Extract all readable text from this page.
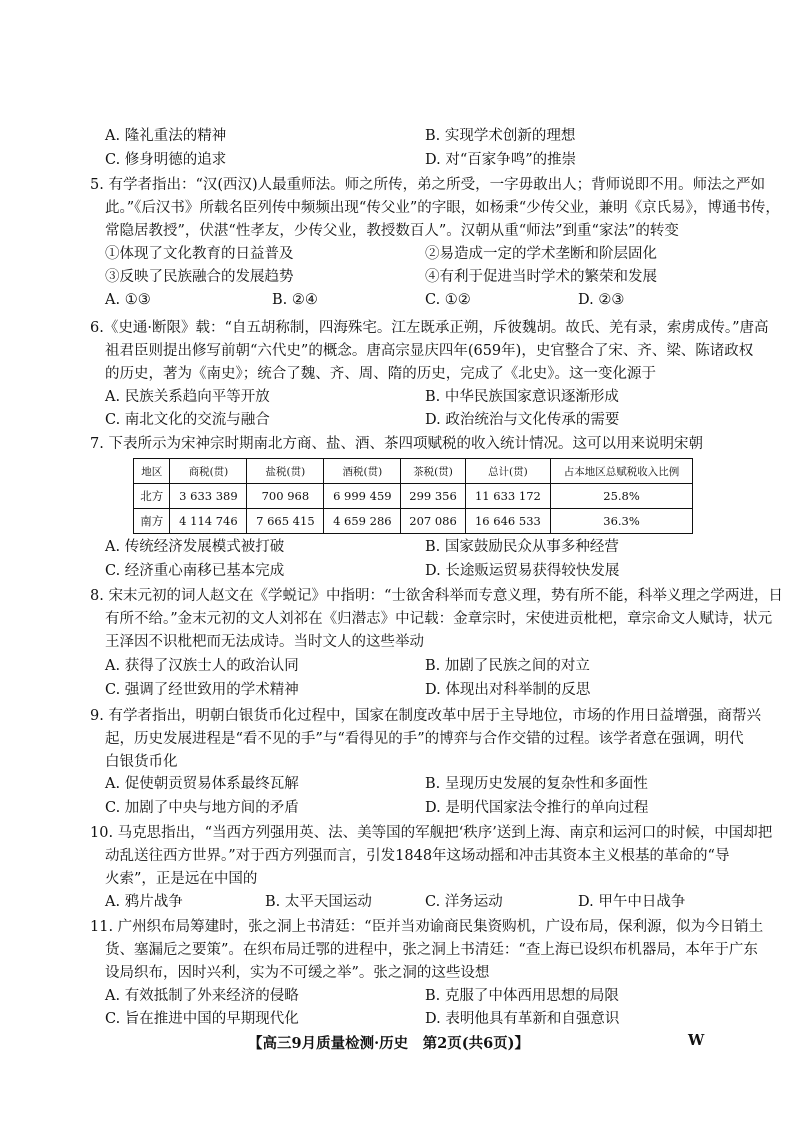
A. 隆礼重法的精神	B. 实现学术创新的理想
C. 修身明德的追求	D. 对“百家争鸣”的推崇
5. 有学者指出：“汉(西汉)人最重师法。师之所传，弟之所受，一字毋敢出人；背师说即不用。师法之严如
此。”《后汉书》所载名臣列传中频频出现“传父业”的字眼，如杨秉“少传父业，兼明《京氏易》，博通书传，
常隐居教授”，伏湛“性孝友，少传父业，教授数百人”。汉朝从重“师法”到重“家法”的转变
①体现了文化教育的日益普及	②易造成一定的学术垄断和阶层固化
③反映了民族融合的发展趋势	④有利于促进当时学术的繁荣和发展
A. ①③	B. ②④	C. ①②	D. ②③
6.《史通·断限》载：“自五胡称制，四海殊宅。江左既承正朔，斥彼魏胡。故氏、羌有录，索虏成传。”唐高
祖君臣则提出修写前朝“六代史”的概念。唐高宗显庆四年(659年)，史官整合了宋、齐、梁、陈诸政权
的历史，著为《南史》；统合了魏、齐、周、隋的历史，完成了《北史》。这一变化源于
A. 民族关系趋向平等开放	B. 中华民族国家意识逐渐形成
C. 南北文化的交流与融合	D. 政治统治与文化传承的需要
7. 下表所示为宋神宗时期南北方商、盐、酒、茶四项赋税的收入统计情况。这可以用来说明宋朝
地区	商税(贯)	盐税(贯)	酒税(贯)	茶税(贯)	总计(贯)	占本地区总赋税收入比例
北方	3 633 389	700 968	6 999 459	299 356	11 633 172	25.8%
南方	4 114 746	7 665 415	4 659 286	207 086	16 646 533	36.3%
A. 传统经济发展模式被打破	B. 国家鼓励民众从事多种经营
C. 经济重心南移已基本完成	D. 长途贩运贸易获得较快发展
8. 宋末元初的词人赵文在《学蜕记》中指明：“士欲舍科举而专意义理，势有所不能，科举义理之学两进，日
有所不给。”金末元初的文人刘祁在《归潜志》中记载：金章宗时，宋使进贡枇杷，章宗命文人赋诗，状元
王泽因不识枇杷而无法成诗。当时文人的这些举动
A. 获得了汉族士人的政治认同	B. 加剧了民族之间的对立
C. 强调了经世致用的学术精神	D. 体现出对科举制的反思
9. 有学者指出，明朝白银货币化过程中，国家在制度改革中居于主导地位，市场的作用日益增强，商帮兴
起，历史发展进程是“看不见的手”与“看得见的手”的博弈与合作交错的过程。该学者意在强调，明代
白银货币化
A. 促使朝贡贸易体系最终瓦解	B. 呈现历史发展的复杂性和多面性
C. 加剧了中央与地方间的矛盾	D. 是明代国家法令推行的单向过程
10. 马克思指出，“当西方列强用英、法、美等国的军舰把‘秩序’送到上海、南京和运河口的时候，中国却把
动乱送往西方世界。”对于西方列强而言，引发1848年这场动摇和冲击其资本主义根基的革命的“导
火索”，正是远在中国的
A. 鸦片战争	B. 太平天国运动	C. 洋务运动	D. 甲午中日战争
11. 广州织布局筹建时，张之洞上书清廷：“臣并当劝谕商民集资购机，广设布局，保利源，似为今日销土
货、塞漏卮之要策”。在织布局迁鄂的进程中，张之洞上书清廷：“查上海已设织布机器局，本年于广东
设局织布，因时兴利，实为不可缓之举”。张之洞的这些设想
A. 有效抵制了外来经济的侵略	B. 克服了中体西用思想的局限
C. 旨在推进中国的早期现代化	D. 表明他具有革新和自强意识
【高三9月质量检测·历史　第2页(共6页)】	W
